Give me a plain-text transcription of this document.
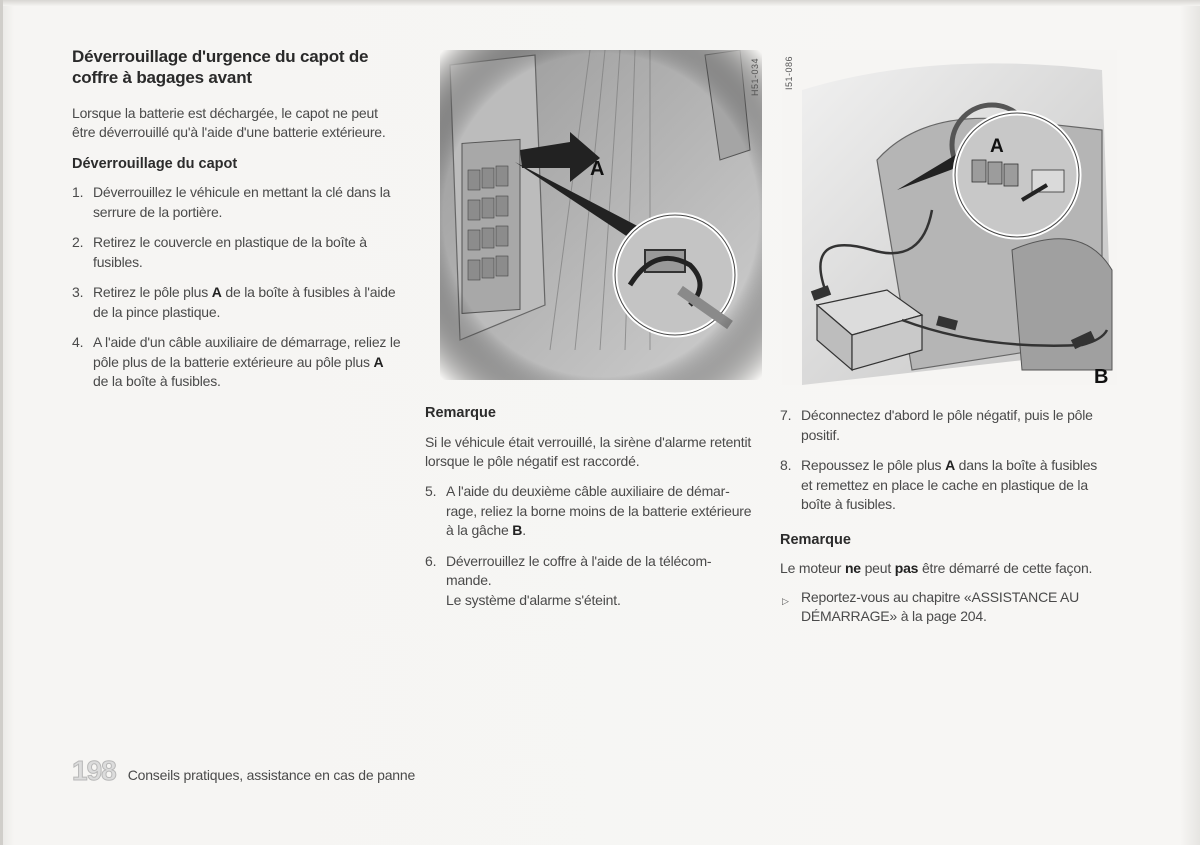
Déverrouillage d'urgence du capot de coffre à bagages avant

Lorsque la batterie est déchargée, le capot ne peut être déverrouillé qu'à l'aide d'une batterie extérieure.

Déverrouillage du capot
1. Déverrouillez le véhicule en mettant la clé dans la serrure de la portière.
2. Retirez le couvercle en plastique de la boîte à fusibles.
3. Retirez le pôle plus A de la boîte à fusibles à l'aide de la pince plastique.
4. A l'aide d'un câble auxiliaire de démarrage, reliez le pôle plus de la batterie extérieure au pôle plus A de la boîte à fusibles.
H51-034
A
B
I51-086
Remarque

Si le véhicule était verrouillé, la sirène d'alarme retentit lorsque le pôle négatif est raccordé.

5. A l'aide du deuxième câble auxiliaire de démar-rage, reliez la borne moins de la batterie extérieure à la gâche B.
6. Déverrouillez le coffre à l'aide de la télécom-mande.
Le système d'alarme s'éteint.
7. Déconnectez d'abord le pôle négatif, puis le pôle positif.
8. Repoussez le pôle plus A dans la boîte à fusibles et remettez en place le cache en plastique de la boîte à fusibles.
Remarque

Le moteur ne peut pas être démarré de cette façon.

▷ Reportez-vous au chapitre «ASSISTANCE AU DÉMARRAGE» à la page 204.
198 Conseils pratiques, assistance en cas de panne
